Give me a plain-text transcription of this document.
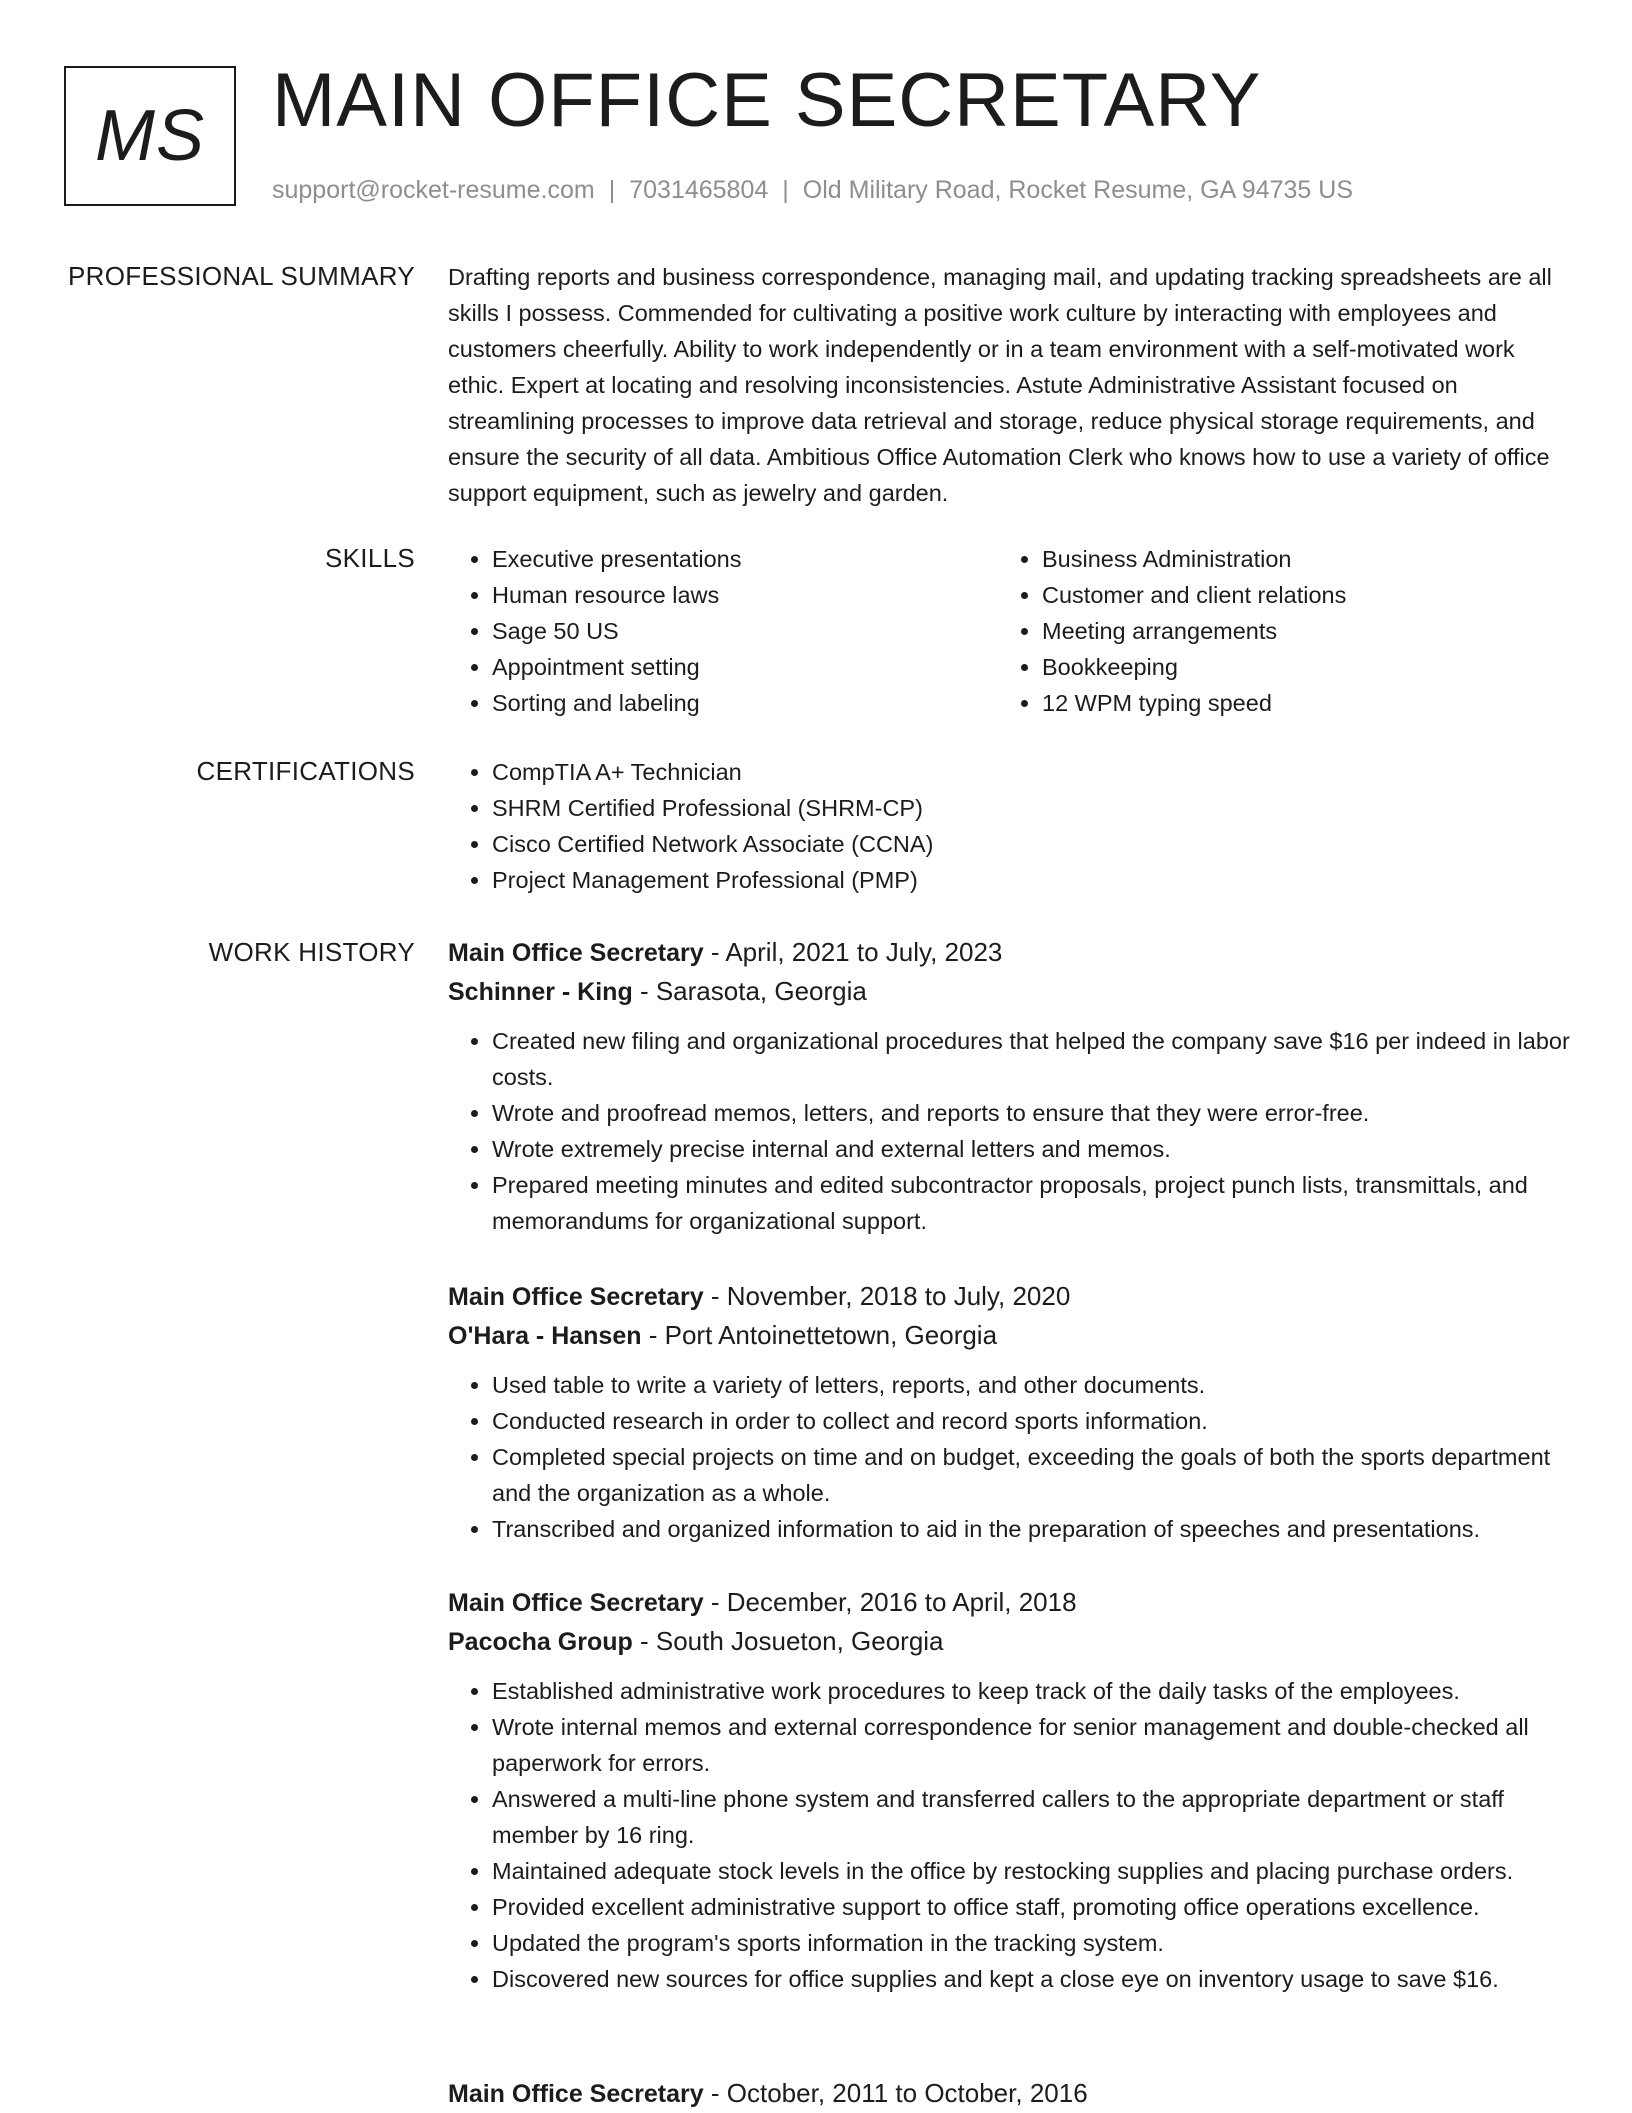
MS MAIN OFFICE SECRETARY
support@rocket-resume.com | 7031465804 | Old Military Road, Rocket Resume, GA 94735 US
PROFESSIONAL SUMMARY Drafting reports and business correspondence, managing mail, and updating tracking spreadsheets are all skills I possess. Commended for cultivating a positive work culture by interacting with employees and customers cheerfully. Ability to work independently or in a team environment with a self-motivated work ethic. Expert at locating and resolving inconsistencies. Astute Administrative Assistant focused on streamlining processes to improve data retrieval and storage, reduce physical storage requirements, and ensure the security of all data. Ambitious Office Automation Clerk who knows how to use a variety of office support equipment, such as jewelry and garden.

SKILLS	• Executive presentations
• Human resource laws
• Sage 50 US
• Appointment setting
• Sorting and labeling
• Business Administration
• Customer and client relations
• Meeting arrangements
• Bookkeeping
• 12 WPM typing speed
CERTIFICATIONS	• CompTIA A+ Technician
• SHRM Certified Professional (SHRM-CP)
• Cisco Certified Network Associate (CCNA)
• Project Management Professional (PMP)
WORK HISTORY Main Office Secretary - April, 2021 to July, 2023
Schinner - King - Sarasota, Georgia
• Created new filing and organizational procedures that helped the company save $16 per indeed in labor costs.
• Wrote and proofread memos, letters, and reports to ensure that they were error-free.
• Wrote extremely precise internal and external letters and memos.
• Prepared meeting minutes and edited subcontractor proposals, project punch lists, transmittals, and memorandums for organizational support.
Main Office Secretary - November, 2018 to July, 2020
O'Hara - Hansen - Port Antoinettetown, Georgia
• Used table to write a variety of letters, reports, and other documents.
• Conducted research in order to collect and record sports information.
• Completed special projects on time and on budget, exceeding the goals of both the sports department and the organization as a whole.
• Transcribed and organized information to aid in the preparation of speeches and presentations.
Main Office Secretary - December, 2016 to April, 2018
Pacocha Group - South Josueton, Georgia
• Established administrative work procedures to keep track of the daily tasks of the employees.
• Wrote internal memos and external correspondence for senior management and double-checked all paperwork for errors.
• Answered a multi-line phone system and transferred callers to the appropriate department or staff member by 16 ring.
• Maintained adequate stock levels in the office by restocking supplies and placing purchase orders.
• Provided excellent administrative support to office staff, promoting office operations excellence.
• Updated the program's sports information in the tracking system.
• Discovered new sources for office supplies and kept a close eye on inventory usage to save $16.
Main Office Secretary - October, 2011 to October, 2016
